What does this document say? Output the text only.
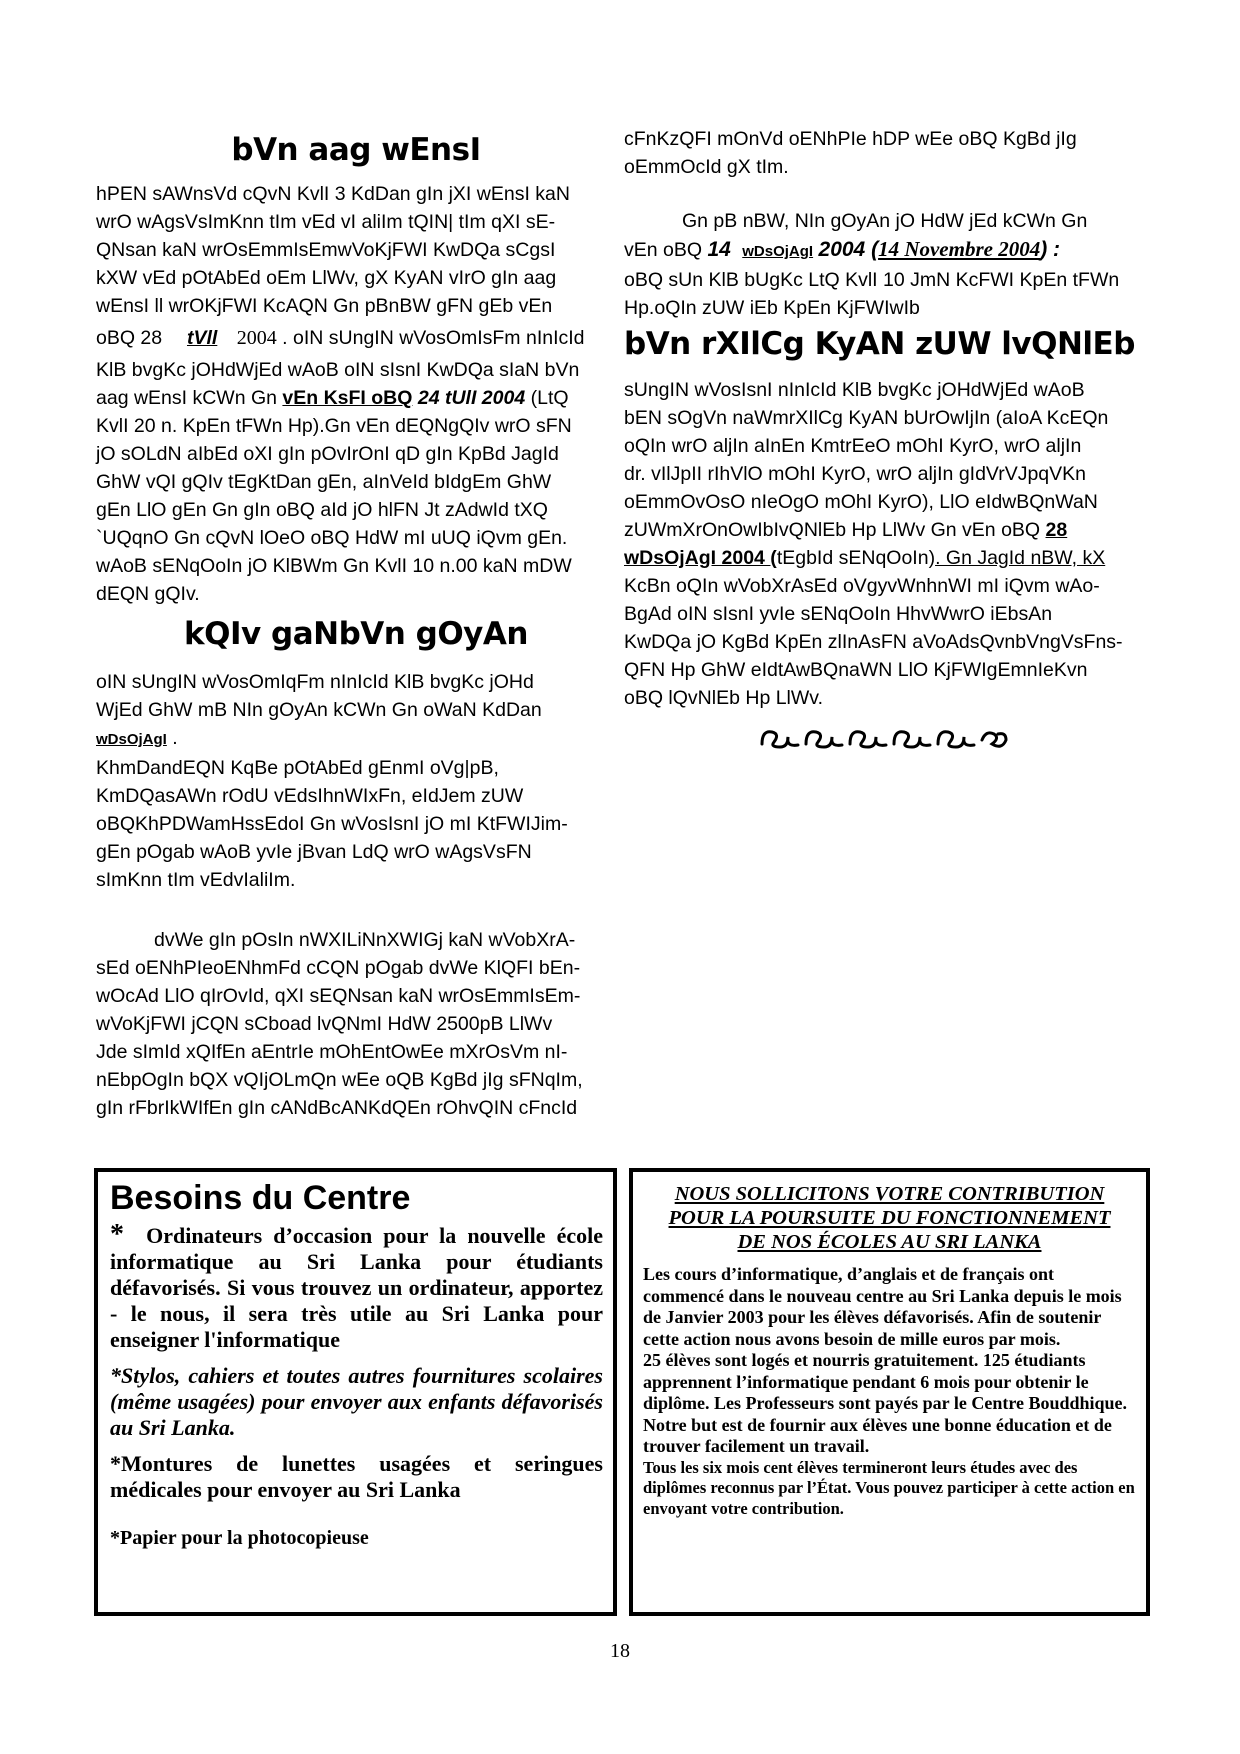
bVn aag wEnsI
hPEN sAWnsVd cQvN KvlI 3 KdDan gIn jXI wEnsI kaN
wrO wAgsVsImKnn tIm vEd vI aliIm tQIN| tIm qXI sE-
QNsan kaN wrOsEmmIsEmwVoKjFWI KwDQa sCgsI
kXW vEd pOtAbEd oEm LlWv, gX KyAN vIrO gIn aag
wEnsI ll wrOKjFWI KcAQN Gn pBnBW gFN gEb vEn
oBQ 28 tVll 2004 . oIN sUngIN wVosOmIsFm nInIcId
KlB bvgKc jOHdWjEd wAoB oIN sIsnI KwDQa sIaN bVn
aag wEnsI kCWn Gn vEn KsFI oBQ 24 tUlI 2004 (LtQ
KvlI 20 n. KpEn tFWn Hp).Gn vEn dEQNgQIv wrO sFN
jO sOLdN aIbEd oXI gIn pOvIrOnI qD gIn KpBd JagId
GhW vQI gQIv tEgKtDan gEn, aInVeId bIdgEm GhW
gEn LlO gEn Gn gIn oBQ aId jO hlFN Jt zAdwId tXQ
`UQqnO Gn cQvN lOeO oBQ HdW mI uUQ iQvm gEn.
wAoB sENqOoIn jO KlBWm Gn KvlI 10 n.00 kaN mDW
dEQN gQIv.
kQIv gaNbVn gOyAn
oIN sUngIN wVosOmIqFm nInIcId KlB bvgKc jOHd
WjEd GhW mB NIn gOyAn kCWn Gn oWaN KdDan
wDsOjAgI .
KhmDandEQN KqBe pOtAbEd gEnmI oVg|pB,
KmDQasAWn rOdU vEdsIhnWIxFn, eIdJem zUW
oBQKhPDWamHssEdoI Gn wVosIsnI jO mI KtFWIJim-
gEn pOgab wAoB yvIe jBvan LdQ wrO wAgsVsFN
sImKnn tIm vEdvIaliIm.
dvWe gIn pOsIn nWXILiNnXWIGj kaN wVobXrA-
sEd oENhPIeoENhmFd cCQN pOgab dvWe KlQFI bEn-
wOcAd LlO qIrOvId, qXI sEQNsan kaN wrOsEmmIsEm-
wVoKjFWI jCQN sCboad lvQNmI HdW 2500pB LlWv
Jde sImId xQIfEn aEntrIe mOhEntOwEe mXrOsVm nI-
nEbpOgIn bQX vQIjOLmQn wEe oQB KgBd jIg sFNqIm,
gIn rFbrIkWIfEn gIn cANdBcANKdQEn rOhvQIN cFncId
cFnKzQFI mOnVd oENhPIe hDP wEe oBQ KgBd jIg
oEmmOcId gX tIm.
Gn pB nBW, NIn gOyAn jO HdW jEd kCWn Gn
vEn oBQ 14 wDsOjAgI 2004 (14 Novembre 2004) :
oBQ sUn KlB bUgKc LtQ KvlI 10 JmN KcFWI KpEn tFWn
Hp.oQIn zUW iEb KpEn KjFWIwIb
bVn rXIlCg KyAN zUW lvQNlEb
sUngIN wVosIsnI nInIcId KlB bvgKc jOHdWjEd wAoB
bEN sOgVn naWmrXIlCg KyAN bUrOwIjIn (aIoA KcEQn
oQIn wrO aljIn aInEn KmtrEeO mOhI KyrO, wrO aljIn
dr. vIlJpII rIhVlO mOhI KyrO, wrO aljIn gIdVrVJpqVKn
oEmmOvOsO nIeOgO mOhI KyrO), LlO eIdwBQnWaN
zUWmXrOnOwIbIvQNlEb Hp LlWv Gn vEn oBQ 28
wDsOjAgI 2004 (tEgbId sENqOoIn). Gn JagId nBW, kX
KcBn oQIn wVobXrAsEd oVgyvWnhnWI mI iQvm wAo-
BgAd oIN sIsnI yvIe sENqOoIn HhvWwrO iEbsAn
KwDQa jO KgBd KpEn zlInAsFN aVoAdsQvnbVngVsFns-
QFN Hp GhW eIdtAwBQnaWN LlO KjFWIgEmnIeKvn
oBQ lQvNlEb Hp LlWv.
Besoins du Centre

* Ordinateurs d’occasion pour la nouvelle école informatique au Sri Lanka pour étudiants défavorisés. Si vous trouvez un ordinateur, apportez - le nous, il sera très utile au Sri Lanka pour enseigner l'informatique

*Stylos, cahiers et toutes autres fournitures scolaires (même usagées) pour envoyer aux enfants défavorisés au Sri Lanka.

*Montures de lunettes usagées et seringues médicales pour envoyer au Sri Lanka

*Papier pour la photocopieuse

NOUS SOLLICITONS VOTRE CONTRIBUTION
POUR LA POURSUITE DU FONCTIONNEMENT
DE NOS ÉCOLES AU SRI LANKA

Les cours d’informatique, d’anglais et de français ont commencé dans le nouveau centre au Sri Lanka depuis le mois de Janvier 2003 pour les élèves défavorisés. Afin de soutenir cette action nous avons besoin de mille euros par mois.

25 élèves sont logés et nourris gratuitement. 125 étudiants apprennent l’informatique pendant 6 mois pour obtenir le diplôme. Les Professeurs sont payés par le Centre Bouddhique. Notre but est de fournir aux élèves une bonne éducation et de trouver facilement un travail.

Tous les six mois cent élèves termineront leurs études avec des diplômes reconnus par l’État. Vous pouvez participer à cette action en envoyant votre contribution.

18
